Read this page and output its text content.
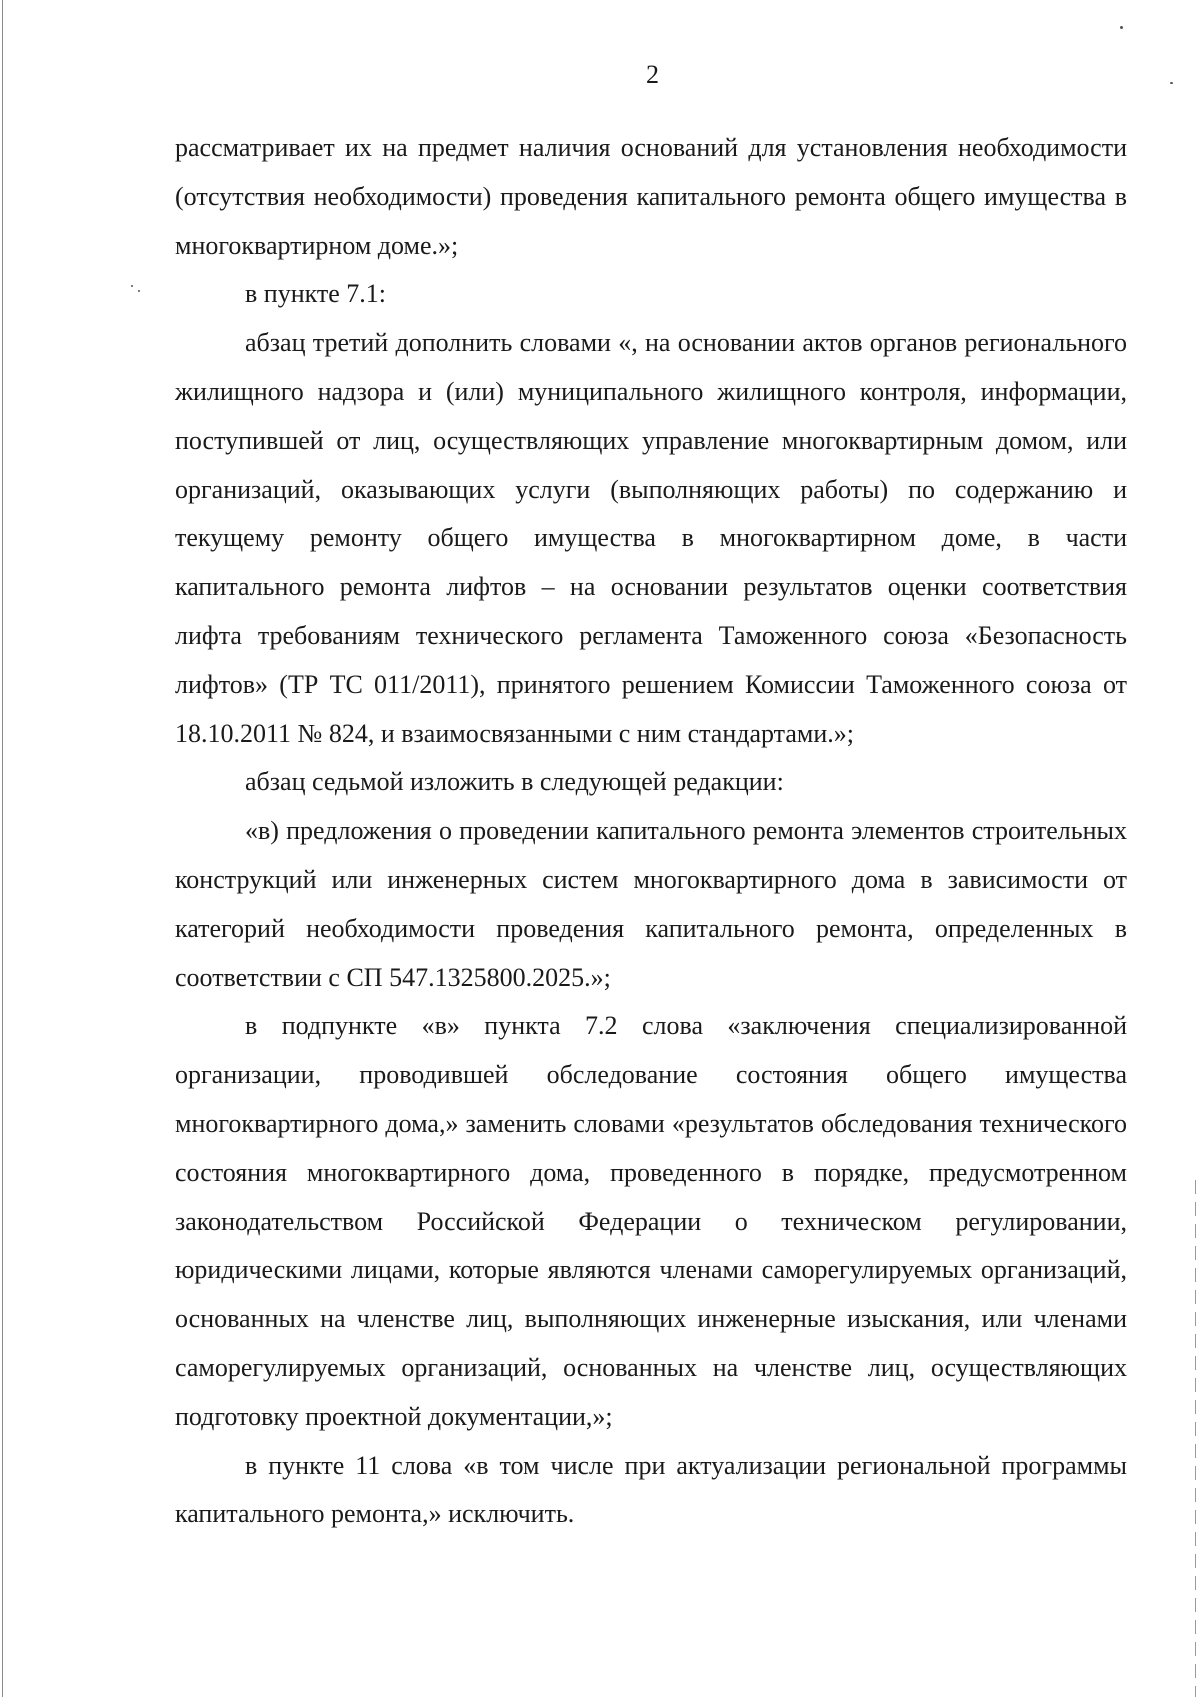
2

рассматривает их на предмет наличия оснований для установления необходимости (отсутствия необходимости) проведения капитального ремонта общего имущества в многоквартирном доме.»;

в пункте 7.1:

абзац третий дополнить словами «, на основании актов органов регионального жилищного надзора и (или) муниципального жилищного контроля, информации, поступившей от лиц, осуществляющих управление многоквартирным домом, или организаций, оказывающих услуги (выполняющих работы) по содержанию и текущему ремонту общего имущества в многоквартирном доме, в части капитального ремонта лифтов – на основании результатов оценки соответствия лифта требованиям технического регламента Таможенного союза «Безопасность лифтов» (ТР ТС 011/2011), принятого решением Комиссии Таможенного союза от 18.10.2011 № 824, и взаимосвязанными с ним стандартами.»;

абзац седьмой изложить в следующей редакции:

«в) предложения о проведении капитального ремонта элементов строительных конструкций или инженерных систем многоквартирного дома в зависимости от категорий необходимости проведения капитального ремонта, определенных в соответствии с СП 547.1325800.2025.»;

в подпункте «в» пункта 7.2 слова «заключения специализированной организации, проводившей обследование состояния общего имущества многоквартирного дома,» заменить словами «результатов обследования технического состояния многоквартирного дома, проведенного в порядке, предусмотренном законодательством Российской Федерации о техническом регулировании, юридическими лицами, которые являются членами саморегулируемых организаций, основанных на членстве лиц, выполняющих инженерные изыскания, или членами саморегулируемых организаций, основанных на членстве лиц, осуществляющих подготовку проектной документации,»;

в пункте 11 слова «в том числе при актуализации региональной программы капитального ремонта,» исключить.
